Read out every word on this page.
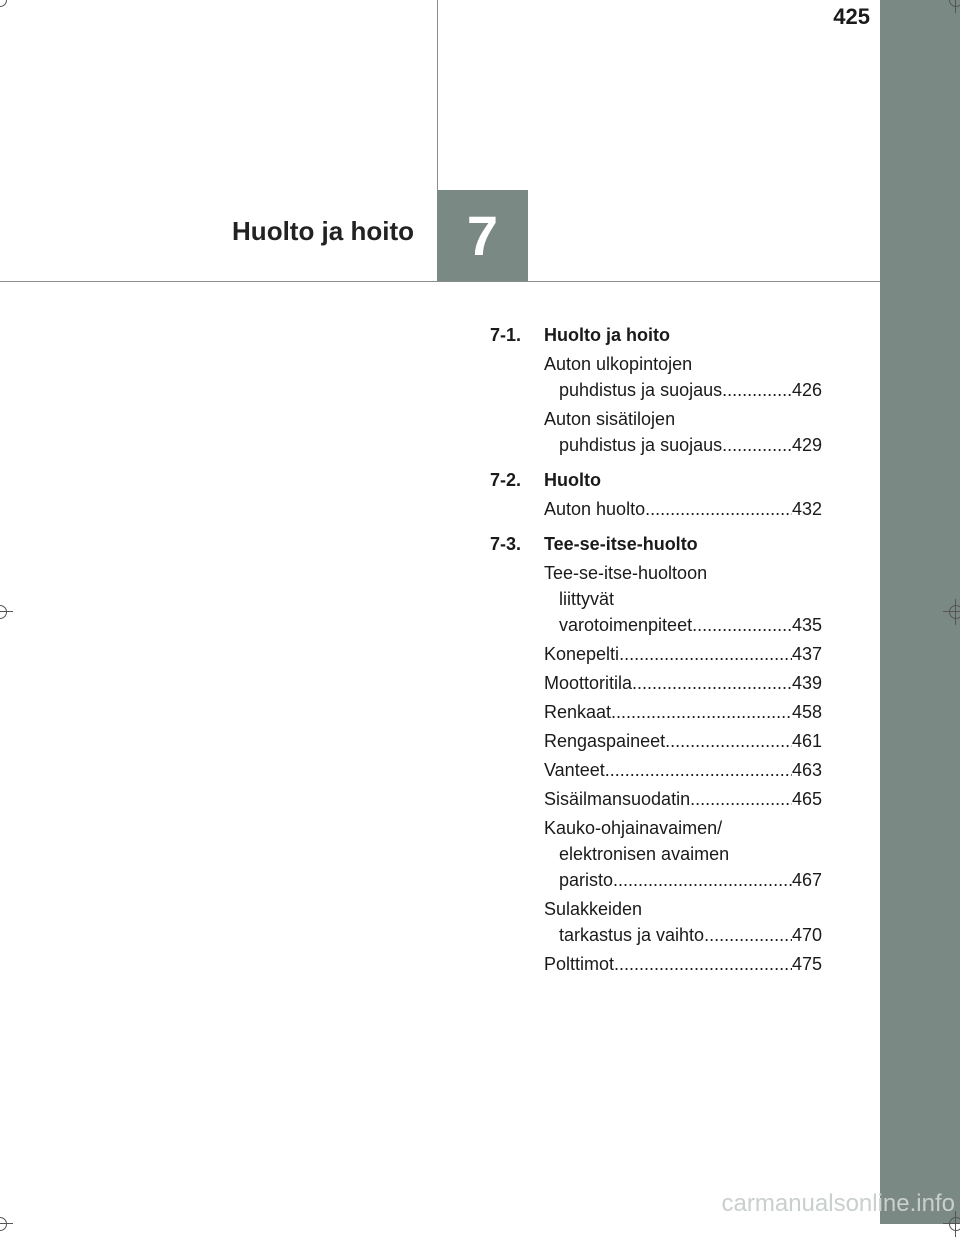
425
7
Huolto ja hoito
7-1.	Huolto ja hoito
Auton ulkopintojen
puhdistus ja suojaus .....	426
Auton sisätilojen
puhdistus ja suojaus .....	429
7-2.	Huolto
Auton huolto .....	432
7-3.	Tee-se-itse-huolto
Tee-se-itse-huoltoon
liittyvät
varotoimenpiteet .....	435
Konepelti .....	437
Moottoritila .....	439
Renkaat .....	458
Rengaspaineet .....	461
Vanteet .....	463
Sisäilmansuodatin .....	465
Kauko-ohjainavaimen/
elektronisen avaimen
paristo .....	467
Sulakkeiden
tarkastus ja vaihto .....	470
Polttimot .....	475
carmanualsonline.info
